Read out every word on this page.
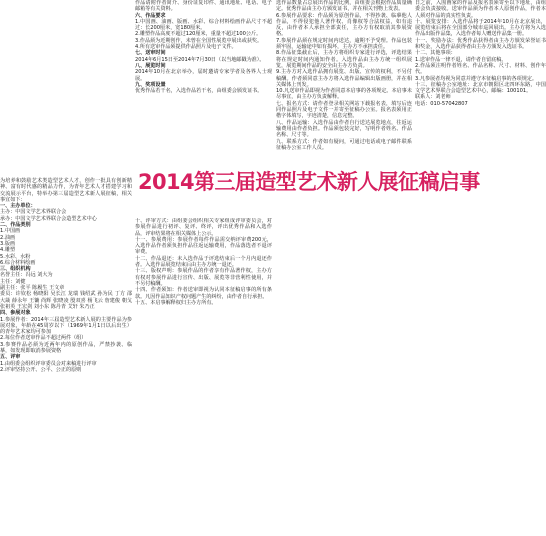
为培养和鼓励艺术类造型艺术人才，创作一批具有创新精神、富有时代感的精品力作，为青年艺术人才搭建学习和交流展示平台，特举办第三届造型艺术新人展征稿，相关事宜如下：

一、主办单位：

主办：中国文学艺术界联合会

承办：中国文学艺术界联合会造型艺术中心

二、作品类别

1.中国画

2.油画

3.版画

4.雕塑

5.水彩、水粉

6.综合材料绘画

三、组织机构

名誉主任：冯远 刘大为

主任：刘健

副主任：张平 陈履生 王文章

委员：许钦松 杨晓阳 吴长江 龙瑞 钱绍武 孙为民 丁方 邵大箴 薛永年 王镛 尚辉 张晓凌 殷双喜 杨飞云 詹建俊 朝戈 张祖英 王宏剑 刘小东 陈丹青 艾轩 朱乃正

四、参展对象

1.参展作者：2014年三届造型艺术新人展的主要作品为参展对象，年龄在45周岁以下（1969年1月1日以后出生）的青年艺术家均可参加

2.每位作者送审作品不超过两件（组）

3.参赛作品必须为近两年内的原创作品，严禁抄袭、临摹，如发现即取消参展资格

五、评审

1.由组委会组织评审委员会对来稿进行评审

2.评审坚持公开、公平、公正的原则

作品请附作者简介、身份证复印件、通讯地址、电话、电子邮箱等有关资料。

六、作品要求

1.中国画、油画、版画、水彩、综合材料绘画作品尺寸不超过：长200厘米，宽180厘米。

2.雕塑作品高度不超过120厘米，重量不超过100公斤。

3.作品须为近期创作，未曾在全国性展览中展出或获奖。

4.所有送审作品须提供作品照片及电子文件。

七、送审时间

2014年6月15日至2014年7月30日（以当地邮戳为准）。

八、展览时间

2014年10月在北京举办，届时邀请专家学者及各界人士观展。

九、奖项设置

优秀作品若干名，入选作品若干名，由组委会颁发证书。

2014第三届造型艺术新人展征稿启事

十、评审方式：由组委会组织相关专家组成评审委员会，对参展作品进行初评、复评、终评，评出优秀作品和入选作品，评审结果将在相关媒体上公示。

十一、参展费用：参展作者每件作品需交纳评审费200元，入选作品作者须负担作品往返运输费用，作品落选者不退评审费。

十二、作品退还：未入选作品于评选结束后一个月内退还作者。入选作品展览结束后由主办方统一退还。

十三、版权声明：参展作品的作者享有作品著作权，主办方有权对参展作品进行宣传、出版、展览等非营利性使用，并不另付稿酬。

十四、作者须知：作者送审即视为认同本征稿启事的所有条款。凡因作品知识产权问题产生的纠纷，由作者自行承担。

十五、本启事解释权归主办方所有。

选作品数量占总展出作品的比例，由组委会根据作品质量确定。优秀作品由主办方颁发证书，并在相关刊物上发表。

6.参展作品要求：作品须为原创作品，不得抄袭、临摹他人作品，不得侵犯他人著作权、肖像权等合法权益，如有违反，由作者本人承担全部责任，主办方有权取消其参展资格。

7.参展作品须在规定时间内送达，逾期不予受理。作品包装须牢固，运输途中如有损坏，主办方不承担责任。

8.作品征集截止后，主办方将组织专家进行评选，评选结果将在规定时间内通知作者。入选作品由主办方统一组织展览，展览期间作品的安全由主办方负责。

9.主办方对入选作品拥有展览、出版、宣传的权利，不另付稿酬。作者须同意主办方将入选作品编辑出版画册，并在相关媒体上刊发。

10.凡送审作品即视为作者同意本启事的各项规定。本启事未尽事宜，由主办方负责解释。

七、报名方式：请作者登录相关网站下载报名表，填写后连同作品照片及电子文件一并寄至征稿办公室。报名表须用正楷字体填写，字迹清楚，信息完整。

八、作品运输：入选作品由作者自行送达展览地点，往返运输费用由作者负担。作品须包装完好，写明作者姓名、作品名称、尺寸等。

九、联系方式：作者如有疑问，可通过电话或电子邮件联系征稿办公室工作人员。

日之前，入围画家的作品及报名表须寄至以下地址，由组委会负责接收。送审作品须为作者本人原创作品，作者本人须对作品的真实性负责。

十、展览安排：入选作品将于2014年10月在北京展出，展览结束后将在全国部分城市巡回展出。主办方将为入选作品出版作品集，入选作者每人赠送作品集一册。

十一、奖励办法：优秀作品获得者由主办方颁发荣誉证书和奖金，入选作品获得者由主办方颁发入选证书。

十二、其他事项：

1.送审作品一律不退，请作者自留底稿。

2.作品须注明作者姓名、作品名称、尺寸、材料、创作年代。

3.凡参展者均视为同意并遵守本征稿启事的各项规定。

十三、征稿办公室地址：北京市朝阳区北四环东路，中国文学艺术界联合会造型艺术中心，邮编：100101。

联系人：刘老师

电话：010-57042807
